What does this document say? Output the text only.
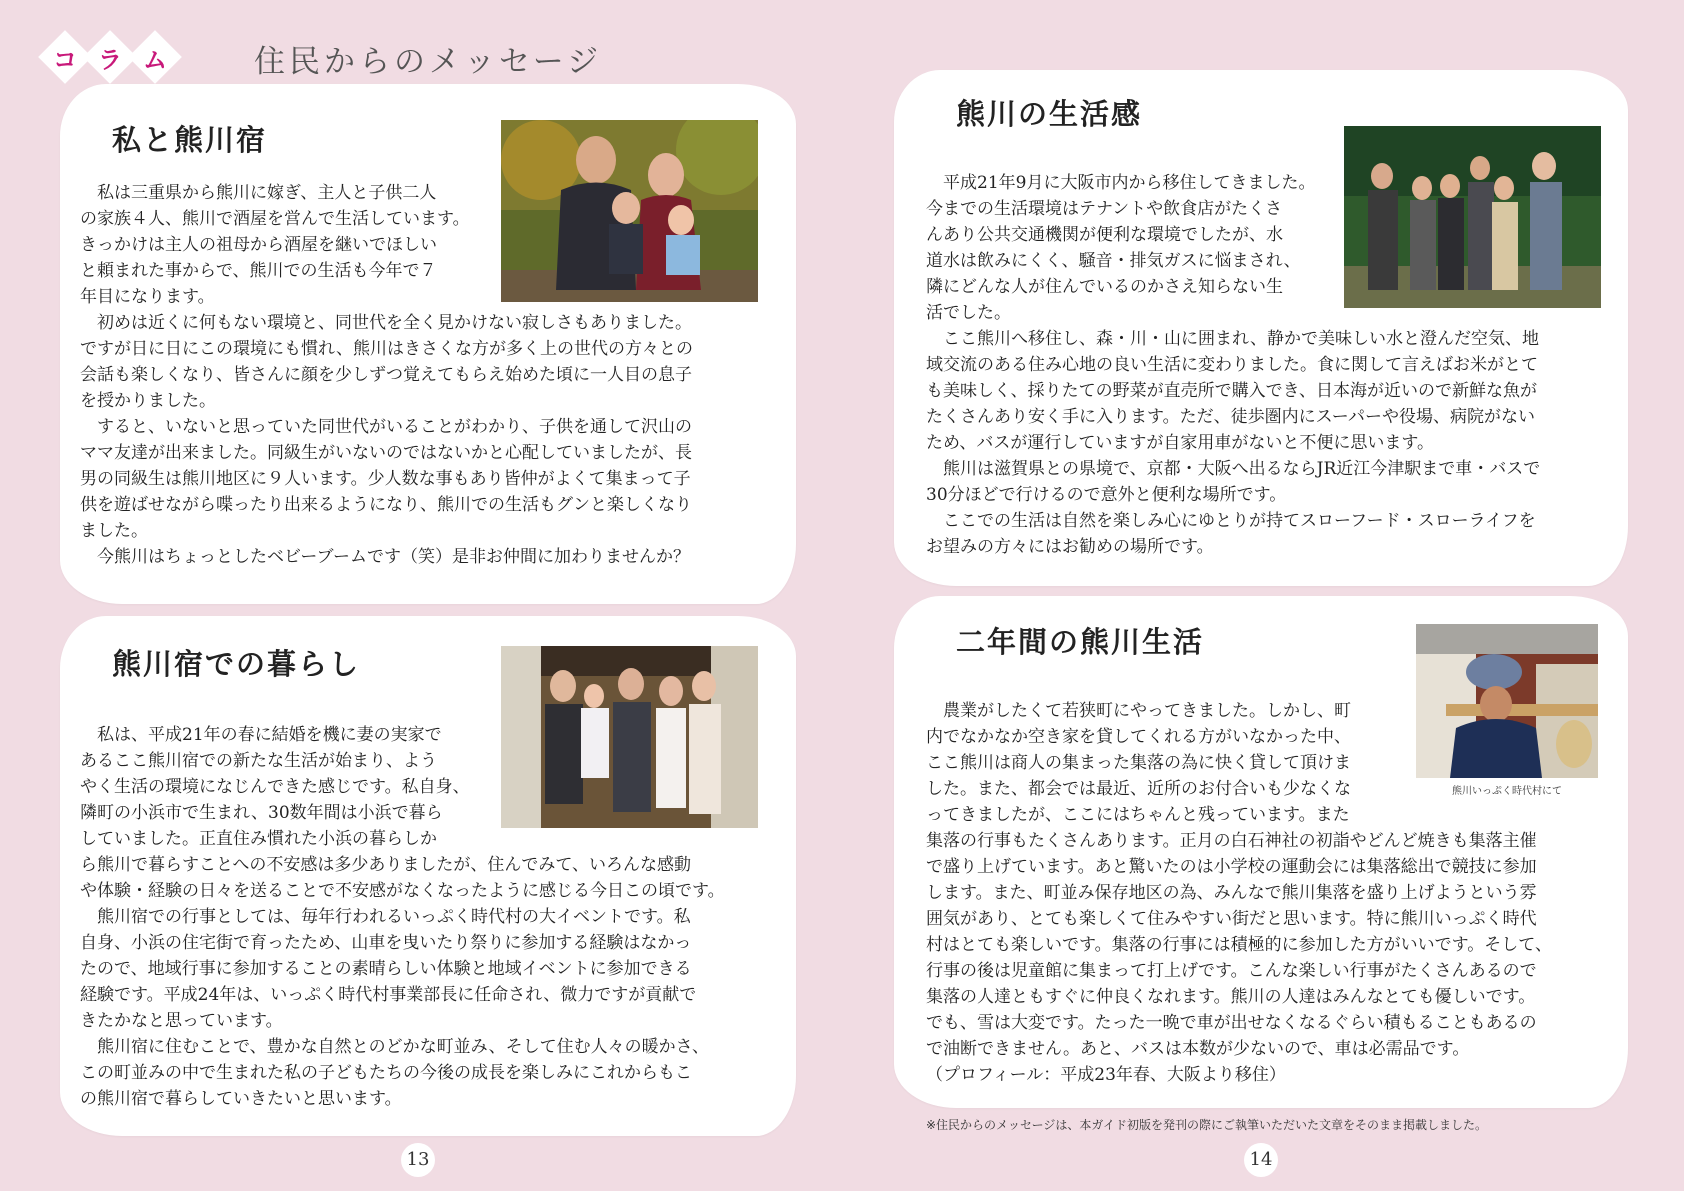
コ ラ ム	住民からのメッセージ
私と熊川宿
　私は三重県から熊川に嫁ぎ、主人と子供二人
の家族４人、熊川で酒屋を営んで生活しています。
きっかけは主人の祖母から酒屋を継いでほしい
と頼まれた事からで、熊川での生活も今年で７
年目になります。
　初めは近くに何もない環境と、同世代を全く見かけない寂しさもありました。
ですが日に日にこの環境にも慣れ、熊川はきさくな方が多く上の世代の方々との
会話も楽しくなり、皆さんに顔を少しずつ覚えてもらえ始めた頃に一人目の息子
を授かりました。
　すると、いないと思っていた同世代がいることがわかり、子供を通して沢山の
ママ友達が出来ました。同級生がいないのではないかと心配していましたが、長
男の同級生は熊川地区に９人います。少人数な事もあり皆仲がよくて集まって子
供を遊ばせながら喋ったり出来るようになり、熊川での生活もグンと楽しくなり
ました。
　今熊川はちょっとしたベビーブームです（笑）是非お仲間に加わりませんか？
熊川宿での暮らし
　私は、平成21年の春に結婚を機に妻の実家で
あるここ熊川宿での新たな生活が始まり、よう
やく生活の環境になじんできた感じです。私自身、
隣町の小浜市で生まれ、30数年間は小浜で暮ら
していました。正直住み慣れた小浜の暮らしか
ら熊川で暮らすことへの不安感は多少ありましたが、住んでみて、いろんな感動
や体験・経験の日々を送ることで不安感がなくなったように感じる今日この頃です。
　熊川宿での行事としては、毎年行われるいっぷく時代村の大イベントです。私
自身、小浜の住宅街で育ったため、山車を曳いたり祭りに参加する経験はなかっ
たので、地域行事に参加することの素晴らしい体験と地域イベントに参加できる
経験です。平成24年は、いっぷく時代村事業部長に任命され、微力ですが貢献で
きたかなと思っています。
　熊川宿に住むことで、豊かな自然とのどかな町並み、そして住む人々の暖かさ、
この町並みの中で生まれた私の子どもたちの今後の成長を楽しみにこれからもこ
の熊川宿で暮らしていきたいと思います。
熊川の生活感
　平成21年9月に大阪市内から移住してきました。
今までの生活環境はテナントや飲食店がたくさ
んあり公共交通機関が便利な環境でしたが、水
道水は飲みにくく、騒音・排気ガスに悩まされ、
隣にどんな人が住んでいるのかさえ知らない生
活でした。
　ここ熊川へ移住し、森・川・山に囲まれ、静かで美味しい水と澄んだ空気、地
域交流のある住み心地の良い生活に変わりました。食に関して言えばお米がとて
も美味しく、採りたての野菜が直売所で購入でき、日本海が近いので新鮮な魚が
たくさんあり安く手に入ります。ただ、徒歩圏内にスーパーや役場、病院がない
ため、バスが運行していますが自家用車がないと不便に思います。
　熊川は滋賀県との県境で、京都・大阪へ出るならJR近江今津駅まで車・バスで
30分ほどで行けるので意外と便利な場所です。
　ここでの生活は自然を楽しみ心にゆとりが持てスローフード・スローライフを
お望みの方々にはお勧めの場所です。
二年間の熊川生活
熊川いっぷく時代村にて
　農業がしたくて若狭町にやってきました。しかし、町
内でなかなか空き家を貸してくれる方がいなかった中、
ここ熊川は商人の集まった集落の為に快く貸して頂けま
した。また、都会では最近、近所のお付合いも少なくな
ってきましたが、ここにはちゃんと残っています。また
集落の行事もたくさんあります。正月の白石神社の初詣やどんど焼きも集落主催
で盛り上げています。あと驚いたのは小学校の運動会には集落総出で競技に参加
します。また、町並み保存地区の為、みんなで熊川集落を盛り上げようという雰
囲気があり、とても楽しくて住みやすい街だと思います。特に熊川いっぷく時代
村はとても楽しいです。集落の行事には積極的に参加した方がいいです。そして、
行事の後は児童館に集まって打上げです。こんな楽しい行事がたくさんあるので
集落の人達ともすぐに仲良くなれます。熊川の人達はみんなとても優しいです。
でも、雪は大変です。たった一晩で車が出せなくなるぐらい積もることもあるの
で油断できません。あと、バスは本数が少ないので、車は必需品です。
（プロフィール：平成23年春、大阪より移住）
※住民からのメッセージは、本ガイド初版を発刊の際にご執筆いただいた文章をそのまま掲載しました。
13	14
